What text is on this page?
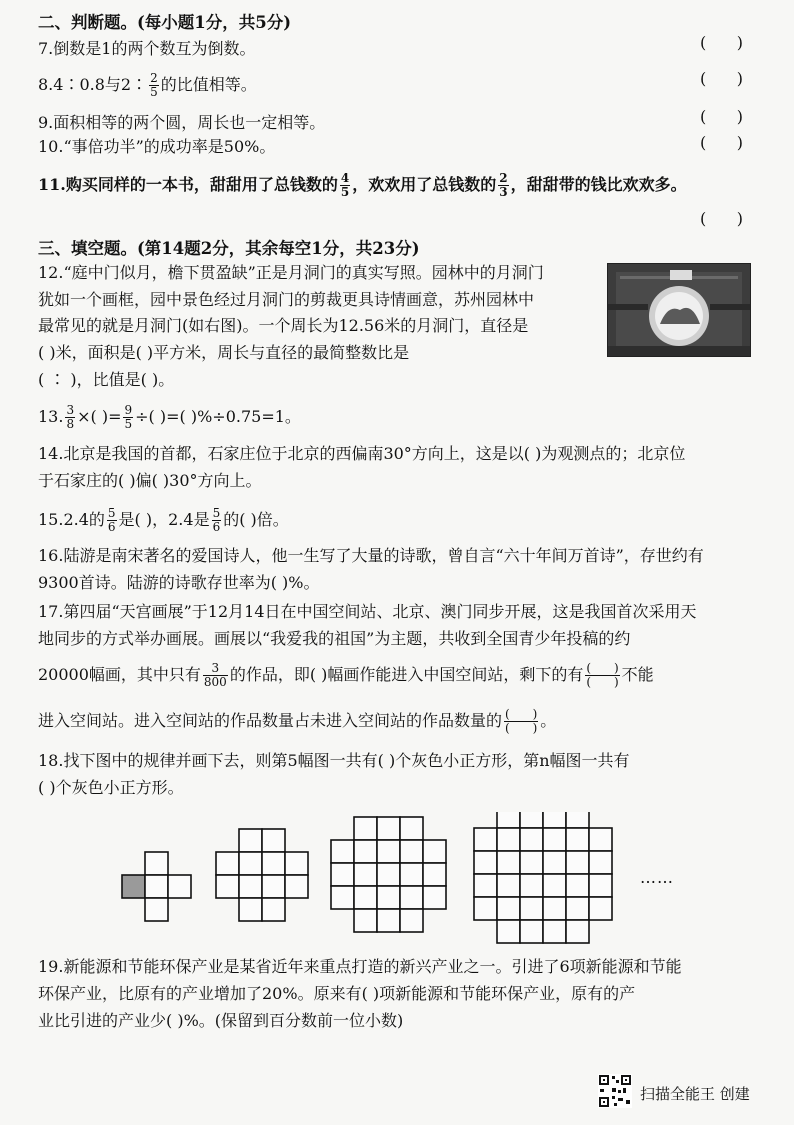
二、判断题。(每小题1分，共5分)
7.倒数是1的两个数互为倒数。	(      )
8.4∶0.8与2∶ $\frac{2}{5}$ 的比值相等。	(      )
9.面积相等的两个圆，周长也一定相等。	(      )
10.“事倍功半”的成功率是50%。	(      )
11.购买同样的一本书，甜甜用了总钱数的 $\frac{4}{5}$ ，欢欢用了总钱数的 $\frac{2}{3}$ ，甜甜带的钱比欢欢多。
(      )
三、填空题。(第14题2分，其余每空1分，共23分)
12.“庭中门似月，檐下贯盈缺”正是月洞门的真实写照。园林中的月洞门
犹如一个画框，园中景色经过月洞门的剪裁更具诗情画意，苏州园林中
最常见的就是月洞门(如右图)。一个周长为12.56米的月洞门，直径是
( )米，面积是( )平方米，周长与直径的最简整数比是
( ∶ )，比值是( )。
13. $\frac{3}{8}$ ×( )= $\frac{9}{5}$ ÷( )=( )%÷0.75=1。
14.北京是我国的首都，石家庄位于北京的西偏南30°方向上，这是以( )为观测点的；北京位
于石家庄的( )偏( )30°方向上。
15.2.4的 $\frac{5}{6}$ 是( )，2.4是 $\frac{5}{6}$ 的( )倍。
16.陆游是南宋著名的爱国诗人，他一生写了大量的诗歌，曾自言“六十年间万首诗”，存世约有
9300首诗。陆游的诗歌存世率为( )%。
17.第四届“天宫画展”于12月14日在中国空间站、北京、澳门同步开展，这是我国首次采用天
地同步的方式举办画展。画展以“我爱我的祖国”为主题，共收到全国青少年投稿的约
20000幅画，其中只有 $\frac{3}{800}$ 的作品，即( )幅画作能进入中国空间站，剩下的有 $\frac{( )}{( )}$ 不能
进入空间站。进入空间站的作品数量占未进入空间站的作品数量的 $\frac{( )}{( )}$ 。
18.找下图中的规律并画下去，则第5幅图一共有( )个灰色小正方形，第n幅图一共有
( )个灰色小正方形。
……
19.新能源和节能环保产业是某省近年来重点打造的新兴产业之一。引进了6项新能源和节能
环保产业，比原有的产业增加了20%。原来有( )项新能源和节能环保产业，原有的产
业比引进的产业少( )%。(保留到百分数前一位小数)
扫描全能王 创建
